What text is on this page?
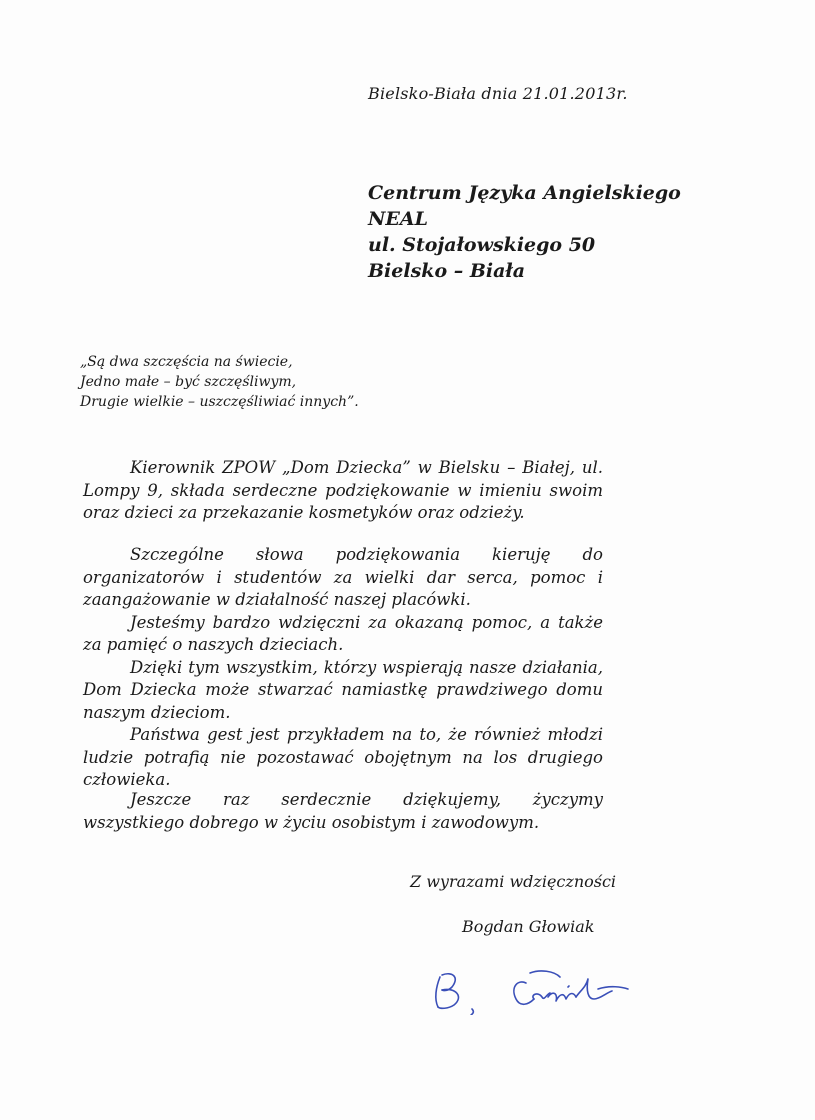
Bielsko-Biała dnia 21.01.2013r.
Centrum Języka Angielskiego
NEAL
ul. Stojałowskiego 50
Bielsko – Biała
„Są dwa szczęścia na świecie,
Jedno małe – być szczęśliwym,
Drugie wielkie – uszczęśliwiać innych”.

Kierownik ZPOW „Dom Dziecka” w Bielsku – Białej, ul. Lompy 9, składa serdeczne podziękowanie w imieniu swoim oraz dzieci za przekazanie kosmetyków oraz odzieży.

Szczególne słowa podziękowania kieruję do organizatorów i studentów za wielki dar serca, pomoc i zaangażowanie w działalność naszej placówki.

Jesteśmy bardzo wdzięczni za okazaną pomoc, a także za pamięć o naszych dzieciach.

Dzięki tym wszystkim, którzy wspierają nasze działania, Dom Dziecka może stwarzać namiastkę prawdziwego domu naszym dzieciom.

Państwa gest jest przykładem na to, że również młodzi ludzie potrafią nie pozostawać obojętnym na los drugiego człowieka.

Jeszcze raz serdecznie dziękujemy, życzymy wszystkiego dobrego w życiu osobistym i zawodowym.

Z wyrazami wdzięczności
Bogdan Głowiak
